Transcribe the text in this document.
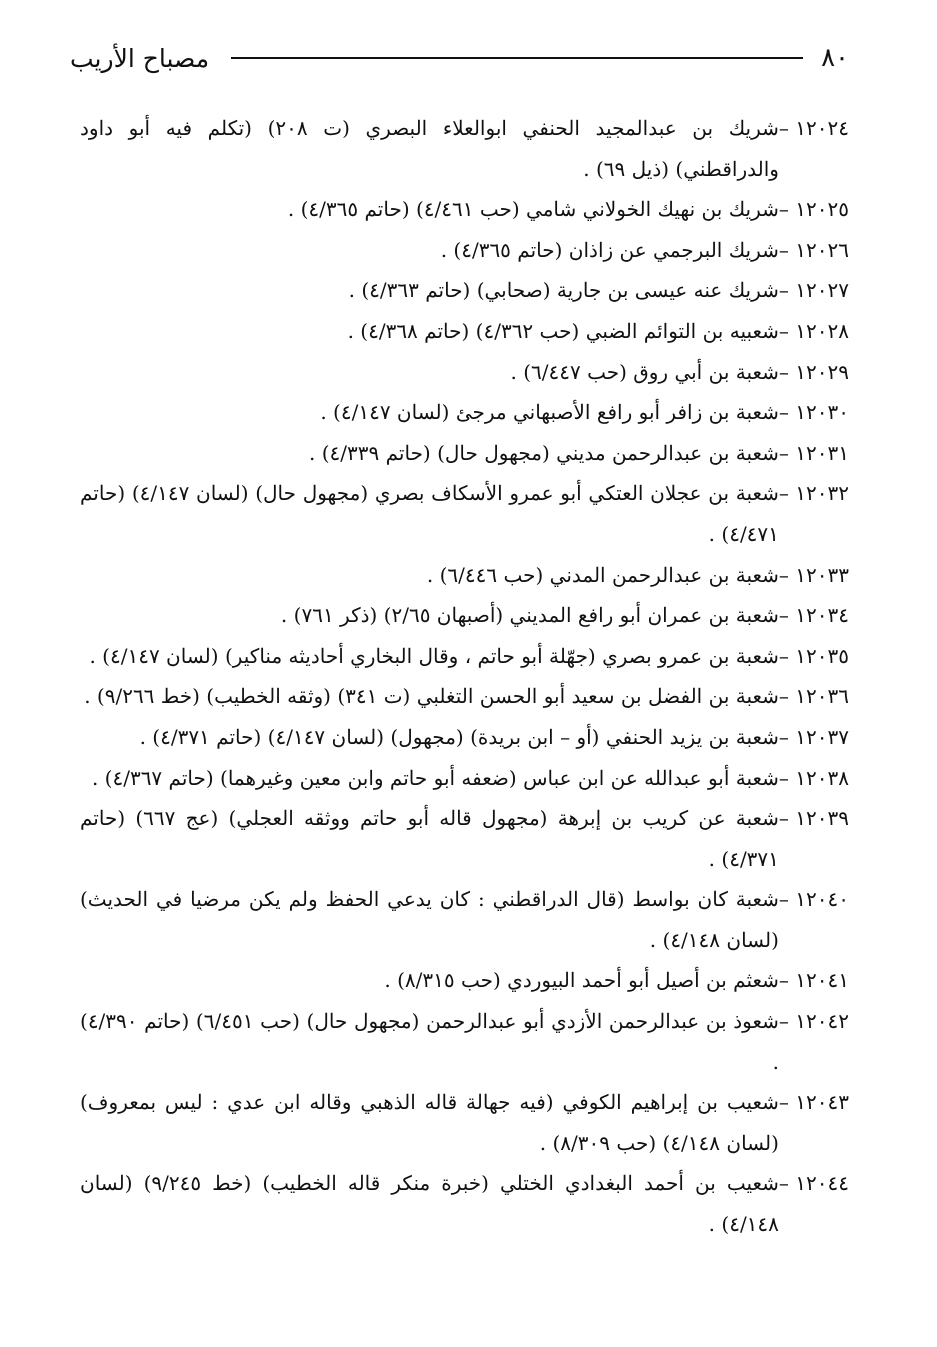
٨٠
مصباح الأريب
١٢٠٢٤ –
شريك بن عبدالمجيد الحنفي ابوالعلاء البصري (ت ٢٠٨) (تكلم فيه أبو داود والدراقطني) (ذيل ٦٩) .
١٢٠٢٥ –
شريك بن نهيك الخولاني شامي (حب ٤/٤٦١) (حاتم ٤/٣٦٥) .
١٢٠٢٦ –
شريك البرجمي عن زاذان (حاتم ٤/٣٦٥) .
١٢٠٢٧ –
شريك عنه عيسى بن جارية (صحابي) (حاتم ٤/٣٦٣) .
١٢٠٢٨ –
شعبيه بن التوائم الضبي (حب ٤/٣٦٢) (حاتم ٤/٣٦٨) .
١٢٠٢٩ –
شعبة بن أبي روق (حب ٦/٤٤٧) .
١٢٠٣٠ –
شعبة بن زافر أبو رافع الأصبهاني مرجئ (لسان ٤/١٤٧) .
١٢٠٣١ –
شعبة بن عبدالرحمن مديني (مجهول حال) (حاتم ٤/٣٣٩) .
١٢٠٣٢ –
شعبة بن عجلان العتكي أبو عمرو الأسكاف بصري (مجهول حال) (لسان ٤/١٤٧) (حاتم ٤/٤٧١) .
١٢٠٣٣ –
شعبة بن عبدالرحمن المدني (حب ٦/٤٤٦) .
١٢٠٣٤ –
شعبة بن عمران أبو رافع المديني (أصبهان ٢/٦٥) (ذكر ٧٦١) .
١٢٠٣٥ –
شعبة بن عمرو بصري (جهّلة أبو حاتم ، وقال البخاري أحاديثه مناكير) (لسان ٤/١٤٧) .
١٢٠٣٦ –
شعبة بن الفضل بن سعيد أبو الحسن التغلبي (ت ٣٤١) (وثقه الخطيب) (خط ٩/٢٦٦) .
١٢٠٣٧ –
شعبة بن يزيد الحنفي (أو – ابن بريدة) (مجهول) (لسان ٤/١٤٧) (حاتم ٤/٣٧١) .
١٢٠٣٨ –
شعبة أبو عبدالله عن ابن عباس (ضعفه أبو حاتم وابن معين وغيرهما) (حاتم ٤/٣٦٧) .
١٢٠٣٩ –
شعبة عن كريب بن إبرهة (مجهول قاله أبو حاتم ووثقه العجلي) (عج ٦٦٧) (حاتم ٤/٣٧١) .
١٢٠٤٠ –
شعبة كان بواسط (قال الدراقطني : كان يدعي الحفظ ولم يكن مرضيا في الحديث) (لسان ٤/١٤٨) .
١٢٠٤١ –
شعثم بن أصيل أبو أحمد البيوردي (حب ٨/٣١٥) .
١٢٠٤٢ –
شعوذ بن عبدالرحمن الأزدي أبو عبدالرحمن (مجهول حال) (حب ٦/٤٥١) (حاتم ٤/٣٩٠) .
١٢٠٤٣ –
شعيب بن إبراهيم الكوفي (فيه جهالة قاله الذهبي وقاله ابن عدي : ليس بمعروف) (لسان ٤/١٤٨) (حب ٨/٣٠٩) .
١٢٠٤٤ –
شعيب بن أحمد البغدادي الختلي (خبرة منكر قاله الخطيب) (خط ٩/٢٤٥) (لسان ٤/١٤٨) .
